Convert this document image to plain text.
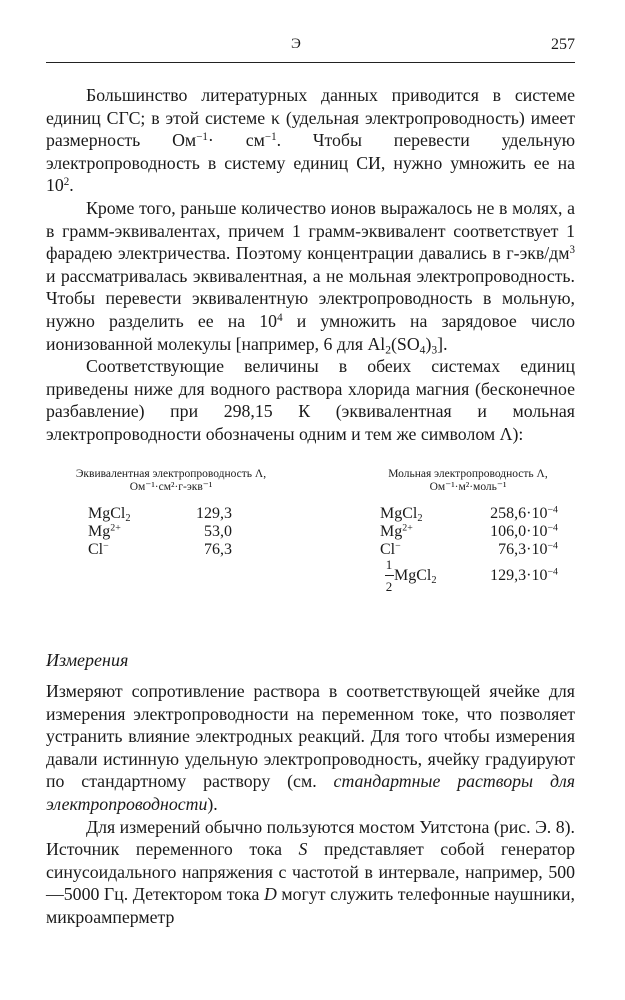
Э	257

Большинство литературных данных приводится в системе единиц СГС; в этой системе κ (удельная электропроводность) имеет размерность $Ом^{-1}\cdot см^{-1}$. Чтобы перевести удельную электропроводность в систему единиц СИ, нужно умножить ее на $10^2$.

Кроме того, раньше количество ионов выражалось не в молях, а в грамм-эквивалентах, причем 1 грамм-эквивалент соответствует 1 фарадею электричества. Поэтому концентрации давались в $г-экв/дм^3$ и рассматривалась эквивалентная, а не мольная электропроводность. Чтобы перевести эквивалентную электропроводность в мольную, нужно разделить ее на $10^4$ и умножить на зарядовое число ионизованной молекулы [например, 6 для $Al_2(SO_4)_3$].

Соответствующие величины в обеих системах единиц приведены ниже для водного раствора хлорида магния (бесконечное разбавление) при 298,15 К (эквивалентная и мольная электропроводности обозначены одним и тем же символом Λ):

Эквивалентная электропроводность Λ,
Ом⁻¹·см²·г-экв⁻¹
Мольная электропроводность Λ,
Ом⁻¹·м²·моль⁻¹
MgCl$_2$	129,3
$Mg^{2+}$	53,0
Cl−	76,3
MgCl$_2$	$258,6\cdot 10^{-4}$
$Mg^{2+}$	$106,0\cdot 10^{-4}$
Cl−	$76,3\cdot 10^{-4}$
1
2
MgCl$_2$	$129,3\cdot 10^{-4}$
Измерения

Измеряют сопротивление раствора в соответствующей ячейке для измерения электропроводности на переменном токе, что позволяет устранить влияние электродных реакций. Для того чтобы измерения давали истинную удельную электропроводность, ячейку градуируют по стандартному раствору (см. стандартные растворы для электропроводности).

Для измерений обычно пользуются мостом Уитстона (рис. Э. 8). Источник переменного тока S представляет собой генератор синусоидального напряжения с частотой в интервале, например, 500—5000 Гц. Детектором тока D могут служить телефонные наушники, микроамперметр
